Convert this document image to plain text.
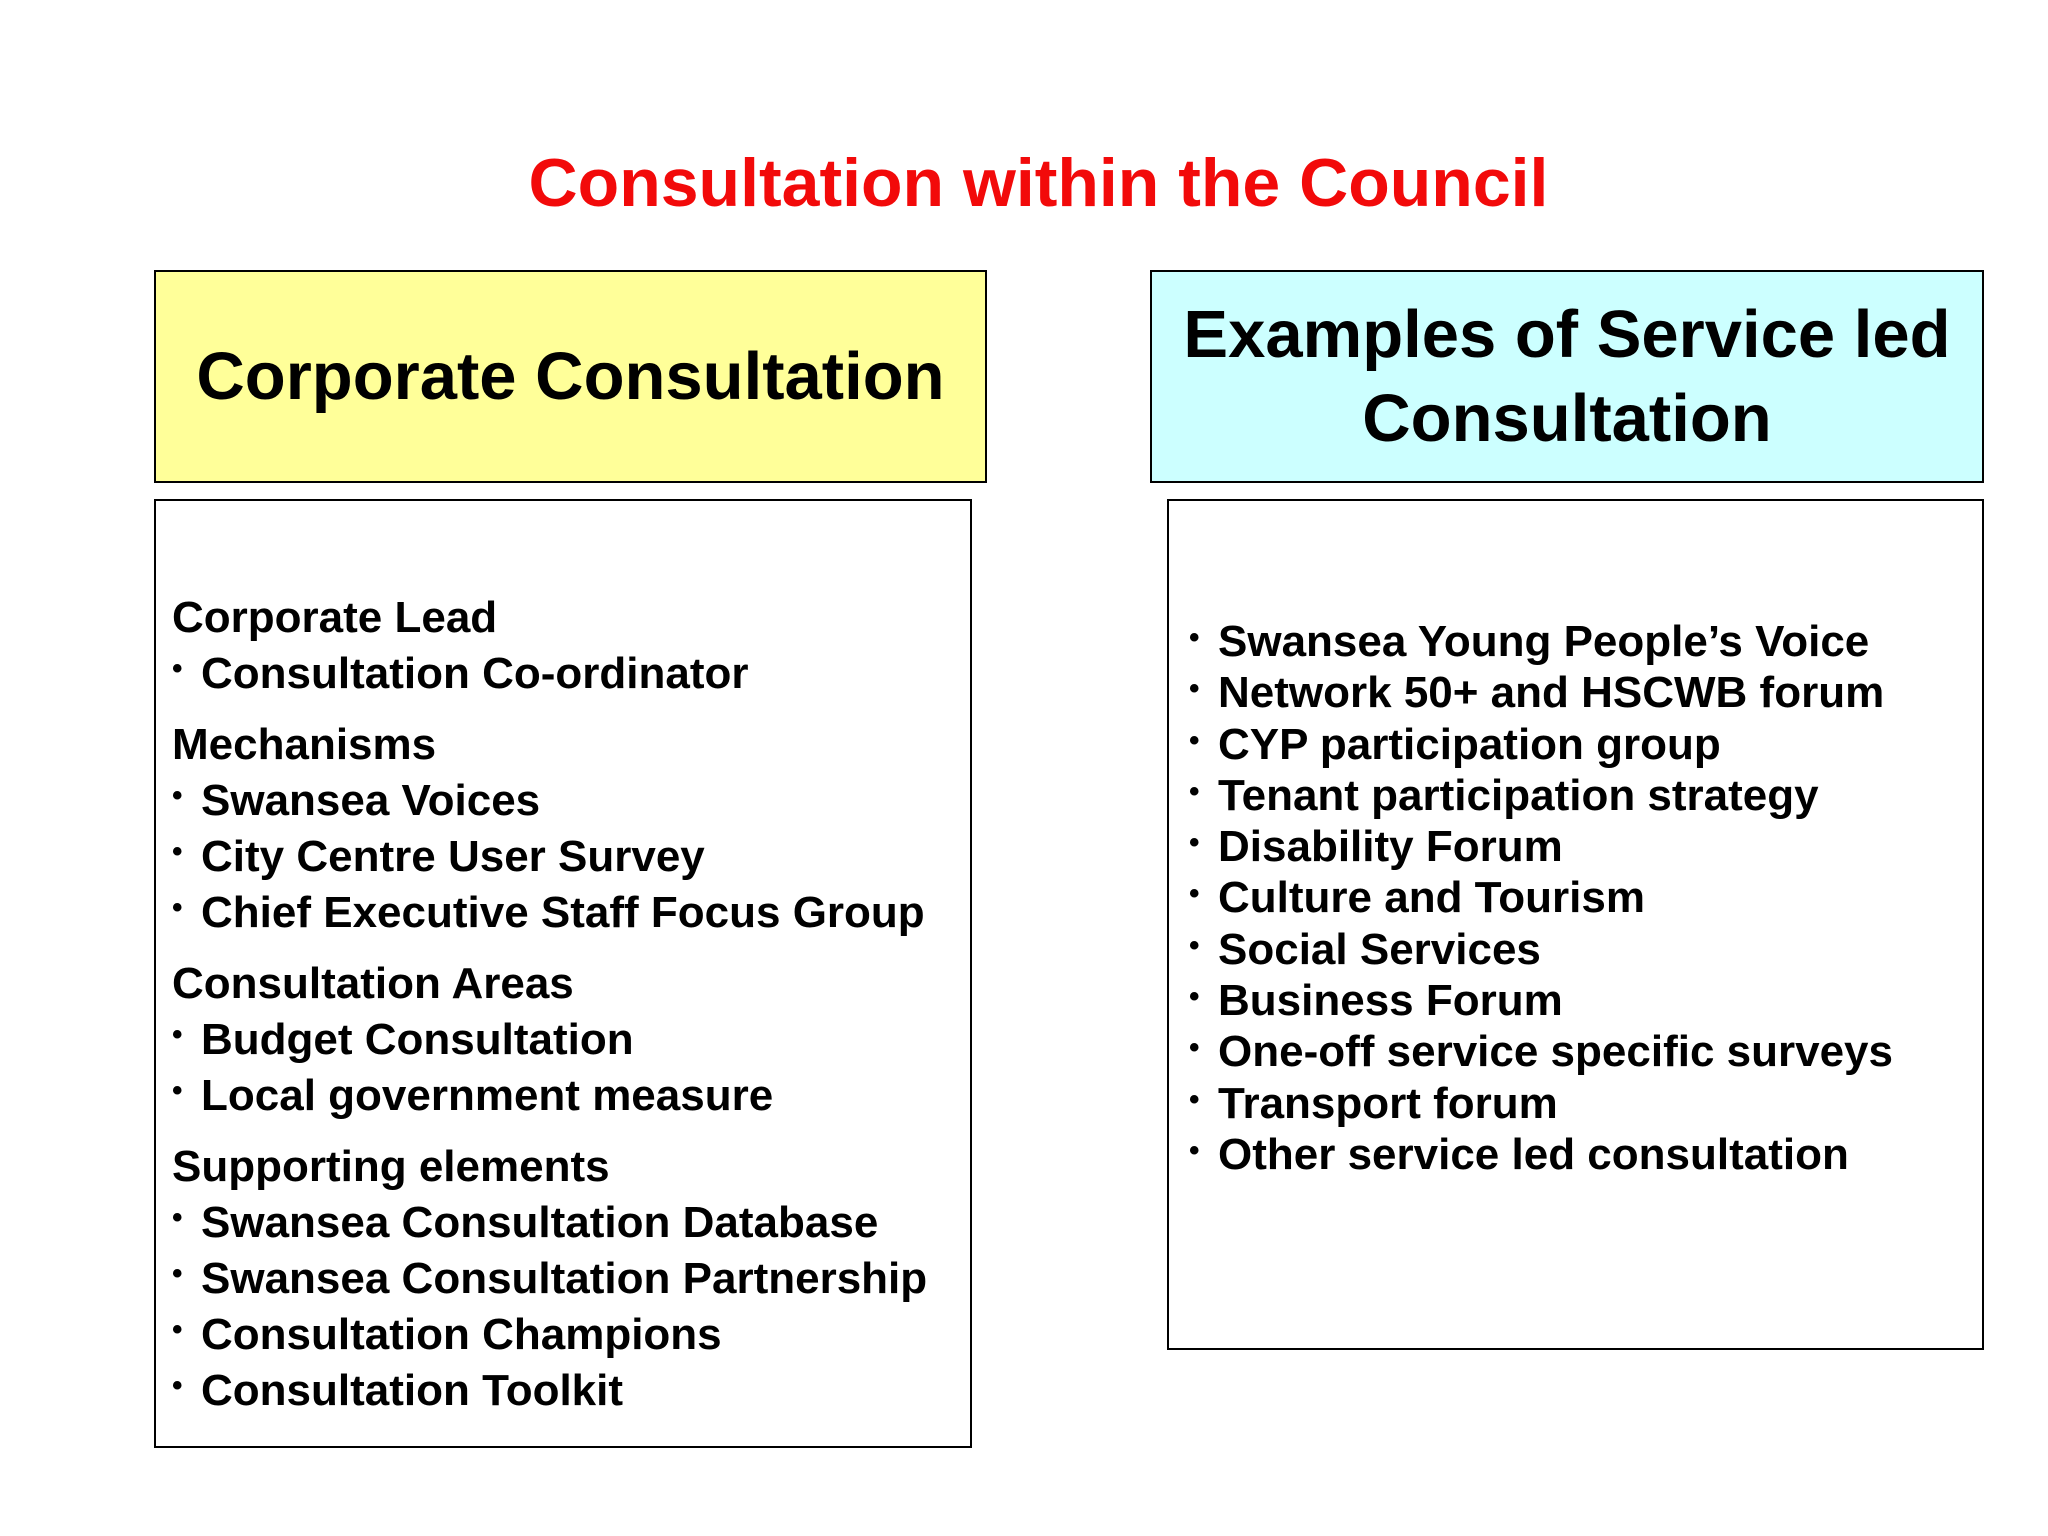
Consultation within the Council
Corporate Consultation
Examples of Service led
Consultation
Corporate Lead
• Consultation Co-ordinator
Mechanisms
• Swansea Voices
• City Centre User Survey
• Chief Executive Staff Focus Group
Consultation Areas
• Budget Consultation
• Local government measure
Supporting elements
• Swansea Consultation Database
• Swansea Consultation Partnership
• Consultation Champions
• Consultation Toolkit
• Swansea Young People’s Voice
• Network 50+ and HSCWB forum
• CYP participation group
• Tenant participation strategy
• Disability Forum
• Culture and Tourism
• Social Services
• Business Forum
• One-off service specific surveys
• Transport forum
• Other service led consultation
